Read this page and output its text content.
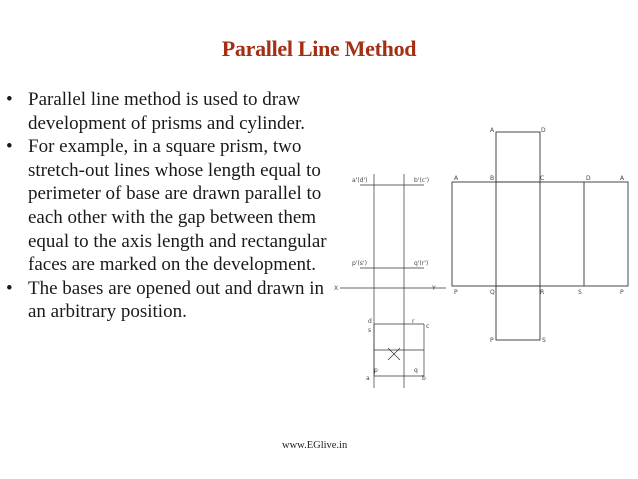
Parallel Line Method
• Parallel line method is used to draw development of prisms and cylinder.
• For example, in a square prism, two stretch-out lines whose length equal to perimeter of base are drawn parallel to each other with the gap between them equal to the axis length and rectangular faces are marked on the development.
• The bases are opened out and drawn in an arbitrary position.
a'(d')	b'(c')
p'(s')	q'(r')
X	Y
d
s
r
c
a
p	q
b
A	D
A	B	C	D	A
P	Q	R	S	P
P	S
www.EGlive.in
